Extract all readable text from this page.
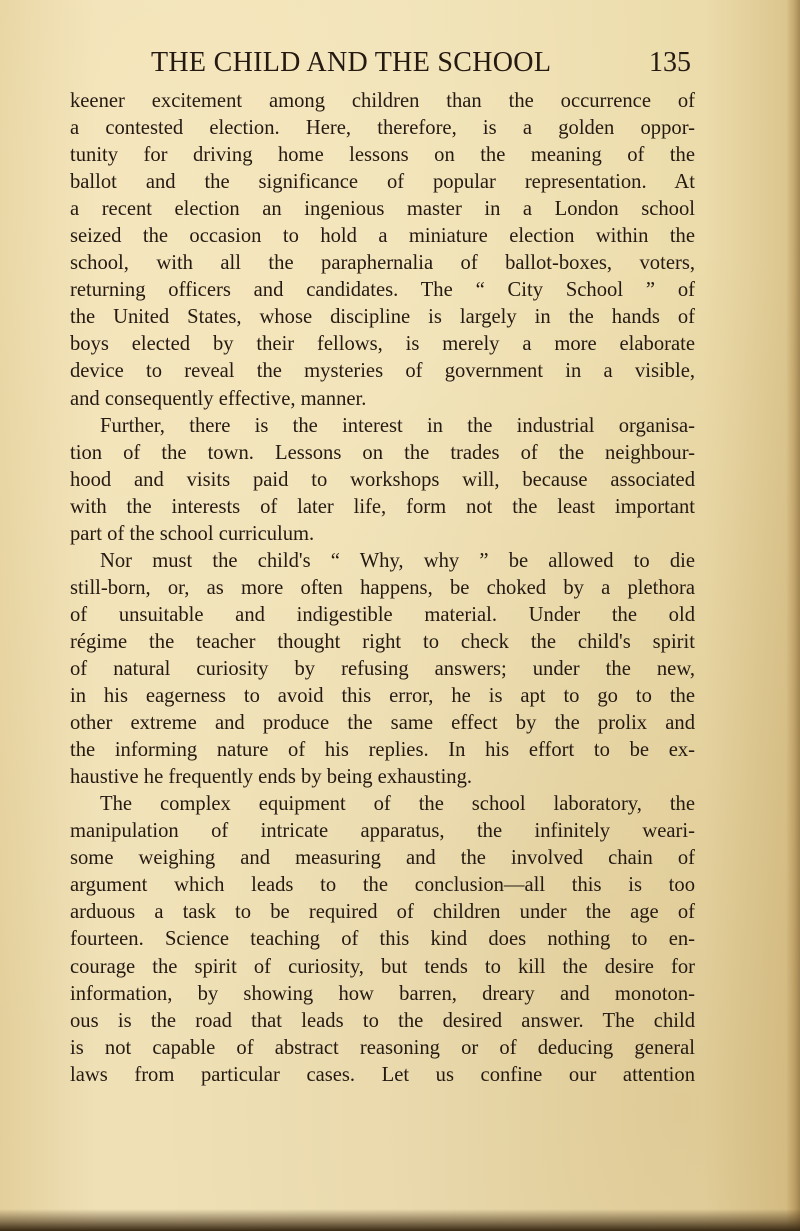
THE CHILD AND THE SCHOOL	135
keener excitement among children than the occurrence of
a contested election. Here, therefore, is a golden oppor-
tunity for driving home lessons on the meaning of the
ballot and the significance of popular representation. At
a recent election an ingenious master in a London school
seized the occasion to hold a miniature election within the
school, with all the paraphernalia of ballot-boxes, voters,
returning officers and candidates. The “ City School ” of
the United States, whose discipline is largely in the hands of
boys elected by their fellows, is merely a more elaborate
device to reveal the mysteries of government in a visible,
and consequently effective, manner.
Further, there is the interest in the industrial organisa-
tion of the town. Lessons on the trades of the neighbour-
hood and visits paid to workshops will, because associated
with the interests of later life, form not the least important
part of the school curriculum.
Nor must the child's “ Why, why ” be allowed to die
still-born, or, as more often happens, be choked by a plethora
of unsuitable and indigestible material. Under the old
régime the teacher thought right to check the child's spirit
of natural curiosity by refusing answers; under the new,
in his eagerness to avoid this error, he is apt to go to the
other extreme and produce the same effect by the prolix and
the informing nature of his replies. In his effort to be ex-
haustive he frequently ends by being exhausting.
The complex equipment of the school laboratory, the
manipulation of intricate apparatus, the infinitely weari-
some weighing and measuring and the involved chain of
argument which leads to the conclusion—all this is too
arduous a task to be required of children under the age of
fourteen. Science teaching of this kind does nothing to en-
courage the spirit of curiosity, but tends to kill the desire for
information, by showing how barren, dreary and monoton-
ous is the road that leads to the desired answer. The child
is not capable of abstract reasoning or of deducing general
laws from particular cases. Let us confine our attention
